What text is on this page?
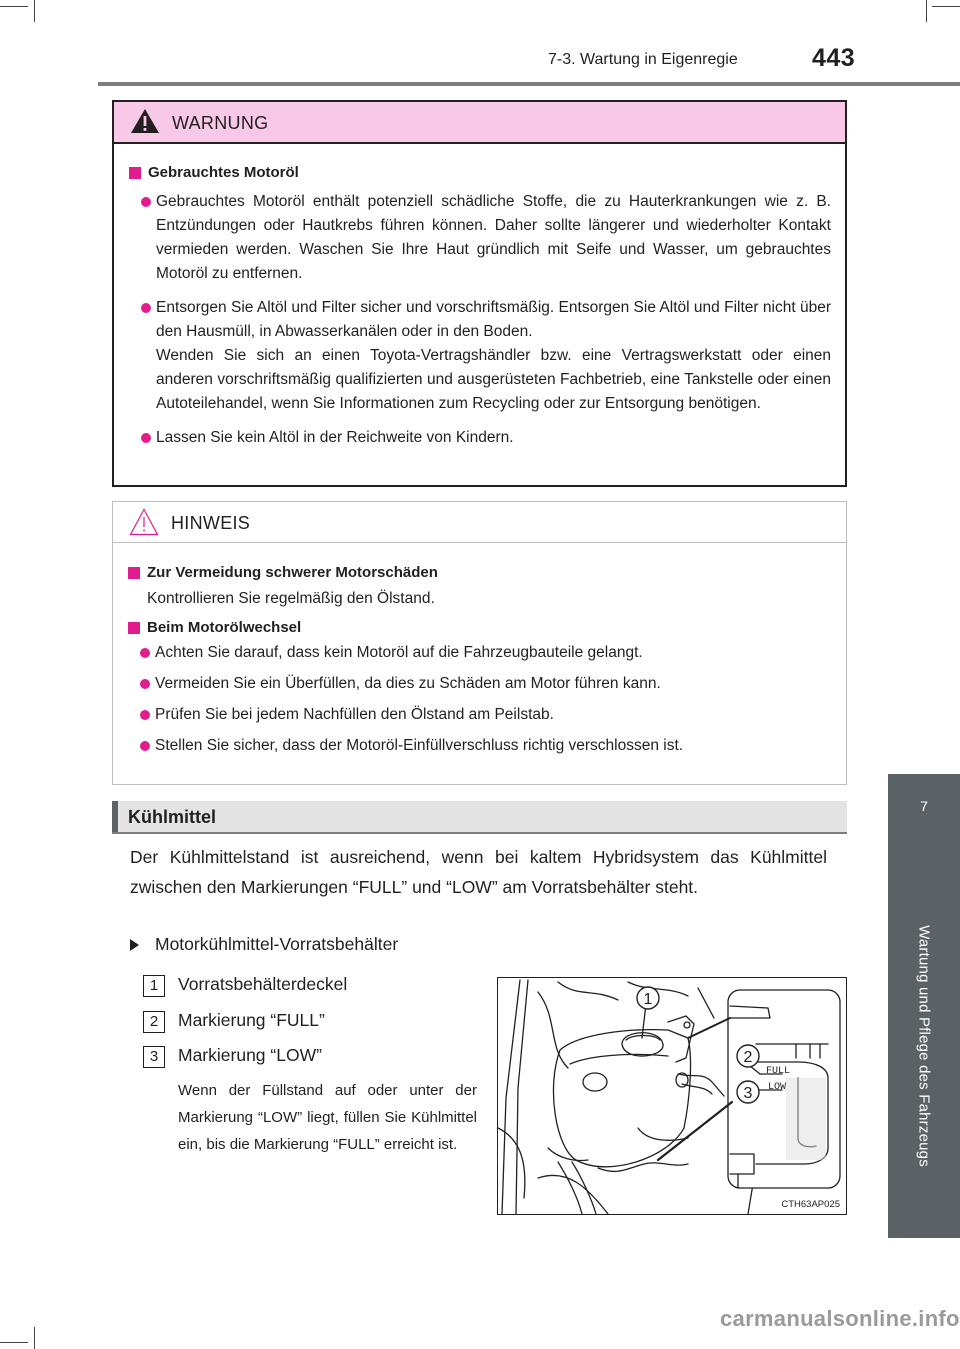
7-3. Wartung in Eigenregie	443
7
Wartung und Pflege des Fahrzeugs
WARNUNG
Gebrauchtes Motoröl
Gebrauchtes Motoröl enthält potenziell schädliche Stoffe, die zu Hauterkrankungen wie z. B. Entzündungen oder Hautkrebs führen können. Daher sollte längerer und wiederholter Kontakt vermieden werden. Waschen Sie Ihre Haut gründlich mit Seife und Wasser, um gebrauchtes Motoröl zu entfernen.
Entsorgen Sie Altöl und Filter sicher und vorschriftsmäßig. Entsorgen Sie Altöl und Filter nicht über den Hausmüll, in Abwasserkanälen oder in den Boden.
Wenden Sie sich an einen Toyota-Vertragshändler bzw. eine Vertragswerkstatt oder einen anderen vorschriftsmäßig qualifizierten und ausgerüsteten Fachbetrieb, eine Tankstelle oder einen Autoteilehandel, wenn Sie Informationen zum Recycling oder zur Entsorgung benötigen.
Lassen Sie kein Altöl in der Reichweite von Kindern.
HINWEIS
Zur Vermeidung schwerer Motorschäden
Kontrollieren Sie regelmäßig den Ölstand.
Beim Motorölwechsel
Achten Sie darauf, dass kein Motoröl auf die Fahrzeugbauteile gelangt.
Vermeiden Sie ein Überfüllen, da dies zu Schäden am Motor führen kann.
Prüfen Sie bei jedem Nachfüllen den Ölstand am Peilstab.
Stellen Sie sicher, dass der Motoröl-Einfüllverschluss richtig verschlossen ist.
Kühlmittel
Der Kühlmittelstand ist ausreichend, wenn bei kaltem Hybridsystem das Kühlmittel zwischen den Markierungen “FULL” und “LOW” am Vorratsbehälter steht.
Motorkühlmittel-Vorratsbehälter
1	Vorratsbehälterdeckel
2	Markierung “FULL”
3	Markierung “LOW”
Wenn der Füllstand auf oder unter der Markierung “LOW” liegt, füllen Sie Kühlmittel ein, bis die Markierung “FULL” erreicht ist.
1
2
3
FULL
LOW
CTH63AP025
carmanualsonline.info
